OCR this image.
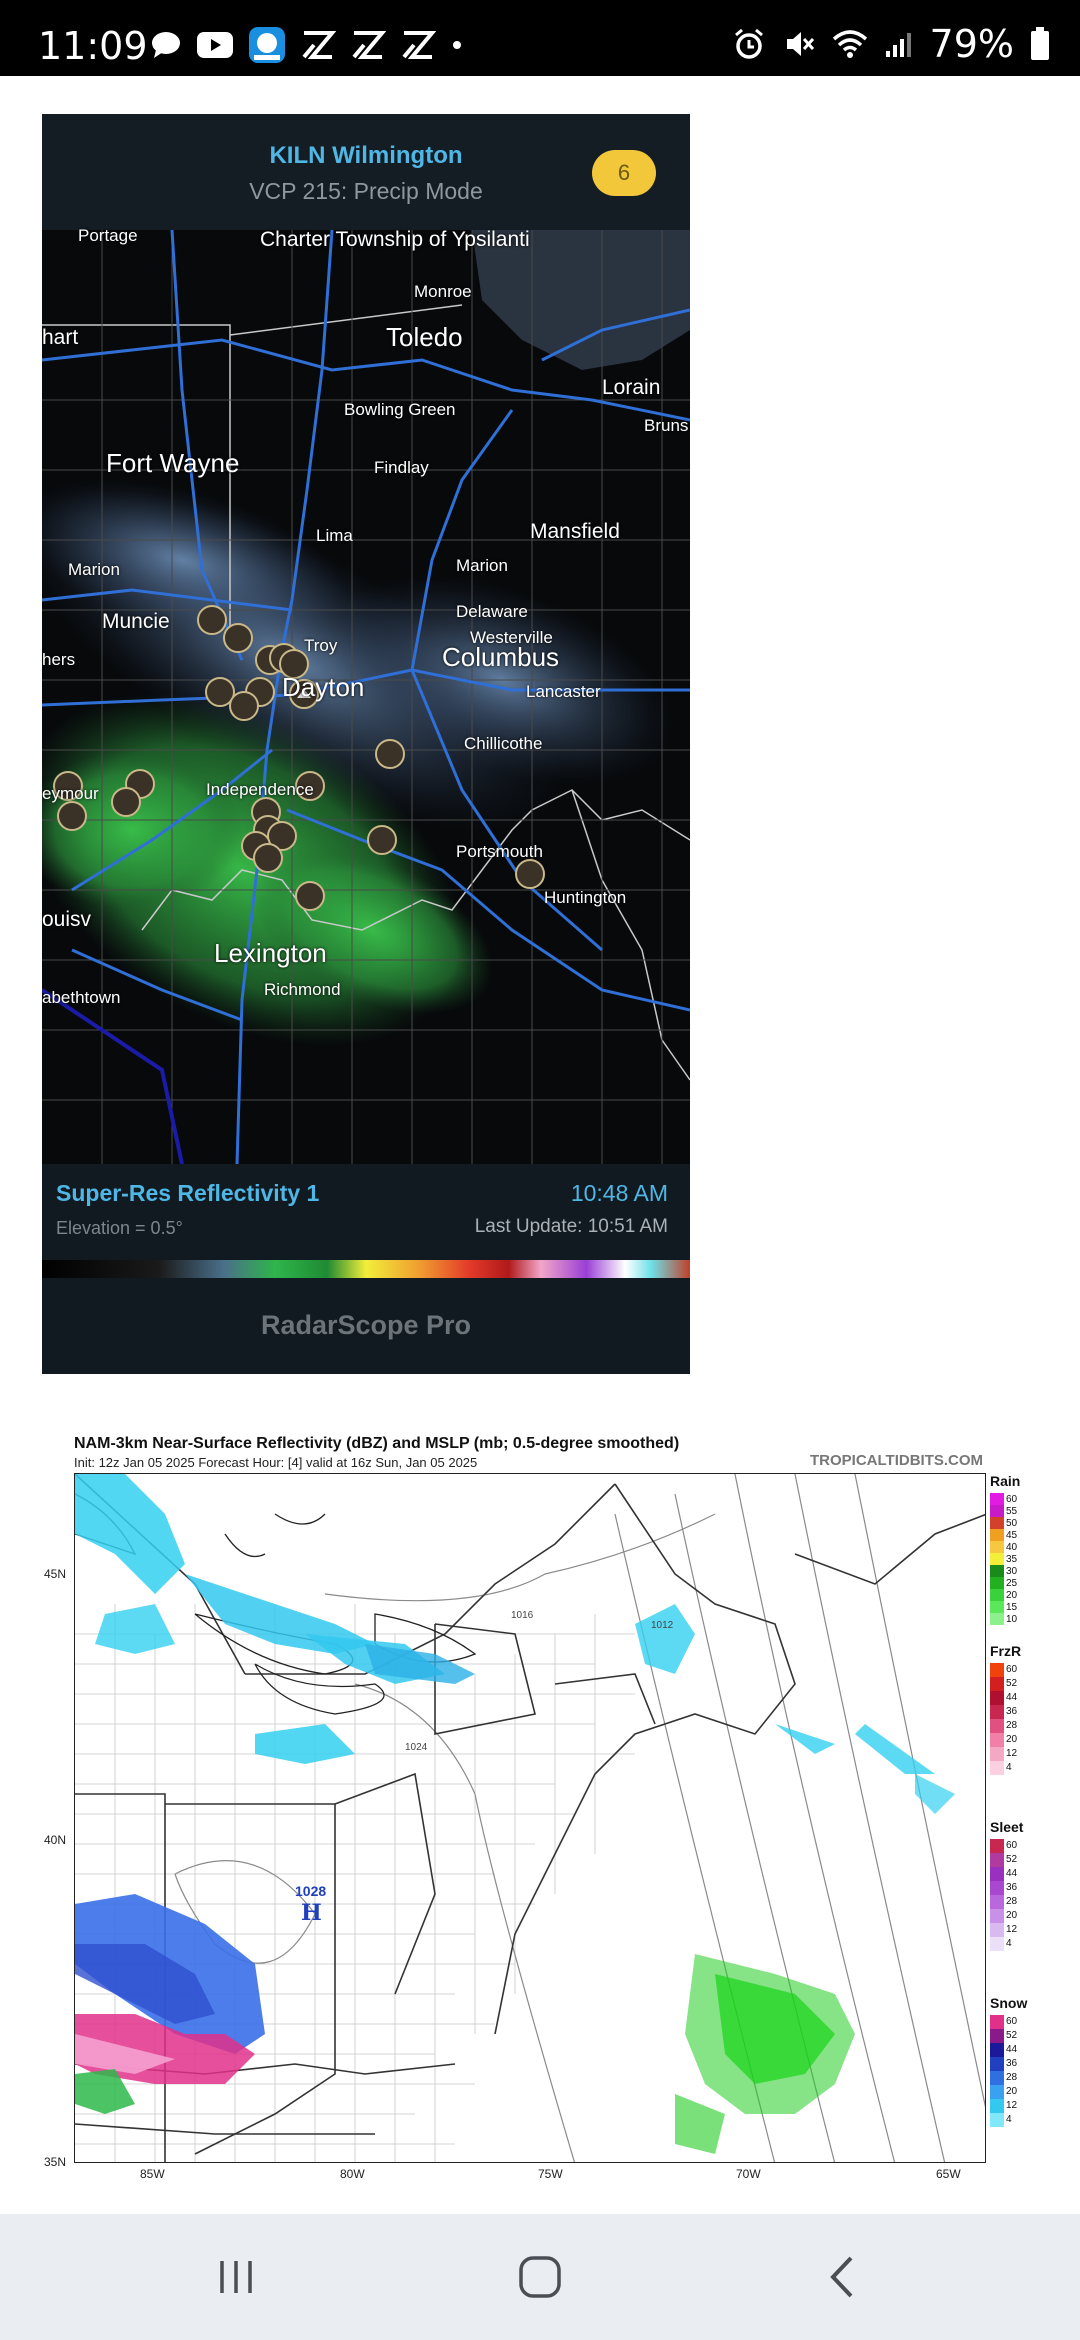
11:09	79%
KILN Wilmington
VCP 215: Precip Mode
6
Portage	Charter Township of Ypsilanti
Monroe
Toledo
hart
Lorain
Bruns
Bowling Green
Fort Wayne	Findlay
Lima	Mansfield
Marion
Marion
Delaware
Muncie
Westerville
Troy	Columbus
hers
Dayton	Lancaster
Chillicothe
eymour	Independence
Portsmouth
Huntington
Lexington
Richmond
abethtown
ouisv
Super-Res Reflectivity 1	10:48 AM
Elevation = 0.5°	Last Update: 10:51 AM
RadarScope Pro
NAM-3km Near-Surface Reflectivity (dBZ) and MSLP (mb; 0.5-degree smoothed)
Init: 12z Jan 05 2025 Forecast Hour: [4] valid at 16z Sun, Jan 05 2025	TROPICALTIDBITS.COM
1016
1012
1024
1028
H
45N
40N
35N
85W	80W	75W	70W	65W
Rain
60
55
50
45
40
35
30
25
20
15
10
FrzR
60
52
44
36
28
20
12
4
Sleet
60
52
44
36
28
20
12
4
Snow
60
52
44
36
28
20
12
4
